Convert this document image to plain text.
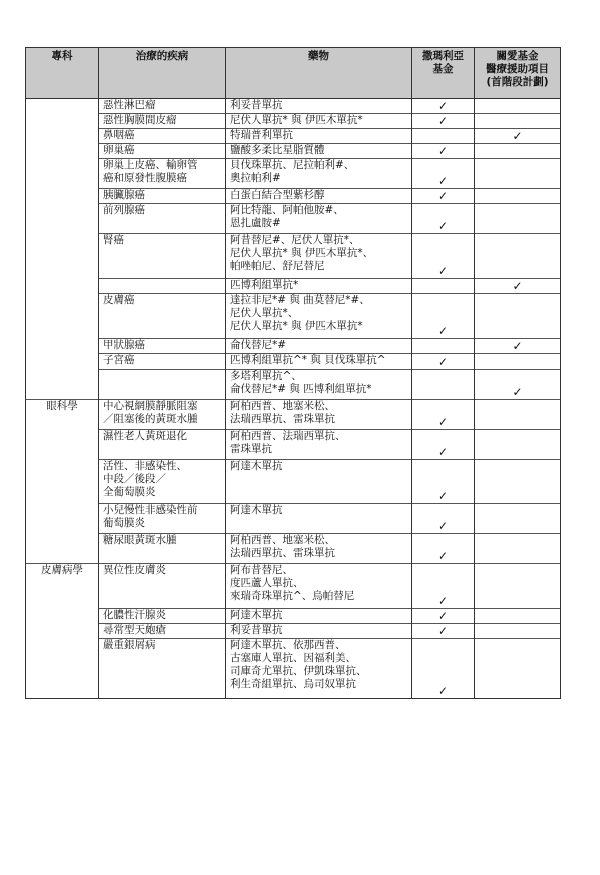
專科	治療的疾病	藥物	撒瑪利亞
基金	關愛基金
醫療援助項目
(首階段計劃)
	惡性淋巴瘤	利妥昔單抗	✓	
	惡性胸膜間皮瘤	尼伏人單抗* 與 伊匹木單抗*	✓	
	鼻咽癌	特瑞普利單抗		✓
	卵巢癌	鹽酸多柔比星脂質體	✓	
	卵巢上皮癌、輸卵管
癌和原發性腹膜癌	貝伐珠單抗、尼拉帕利#、
奧拉帕利#	✓	
	胰臟腺癌	白蛋白結合型紫杉醇	✓	
	前列腺癌	阿比特龍、阿帕他胺#、
恩扎盧胺#	✓	
	腎癌	阿昔替尼#、尼伏人單抗*、
尼伏人單抗* 與 伊匹木單抗*、
帕唑帕尼、舒尼替尼	✓	
		匹博利組單抗*		✓
	皮膚癌	達拉非尼*# 與 曲莫替尼*#、
尼伏人單抗*、
尼伏人單抗* 與 伊匹木單抗*	✓	
	甲狀腺癌	侖伐替尼*#		✓
	子宮癌	匹博利組單抗^* 與 貝伐珠單抗^	✓	
		多塔利單抗^、
侖伐替尼*# 與 匹博利組單抗*		✓
眼科學	中心視網膜靜脈阻塞
／阻塞後的黃斑水腫	阿柏西普、地塞米松、
法瑞西單抗、雷珠單抗	✓	
	濕性老人黃斑退化	阿柏西普、法瑞西單抗、
雷珠單抗	✓	
	活性、非感染性、
中段／後段／
全葡萄膜炎	阿達木單抗	✓	
	小兒慢性非感染性前
葡萄膜炎	阿達木單抗	✓	
	糖尿眼黃斑水腫	阿柏西普、地塞米松、
法瑞西單抗、雷珠單抗	✓	
皮膚病學	異位性皮膚炎	阿布昔替尼、
度匹蘆人單抗、
來瑞奇珠單抗^、烏帕替尼	✓	
	化膿性汗腺炎	阿達木單抗	✓	
	尋常型天皰瘡	利妥昔單抗	✓	
	嚴重銀屑病	阿達木單抗、依那西普、
古塞庫人單抗、因福利美、
司庫奇尤單抗、伊凱珠單抗、
利生奇組單抗、烏司奴單抗	✓	
